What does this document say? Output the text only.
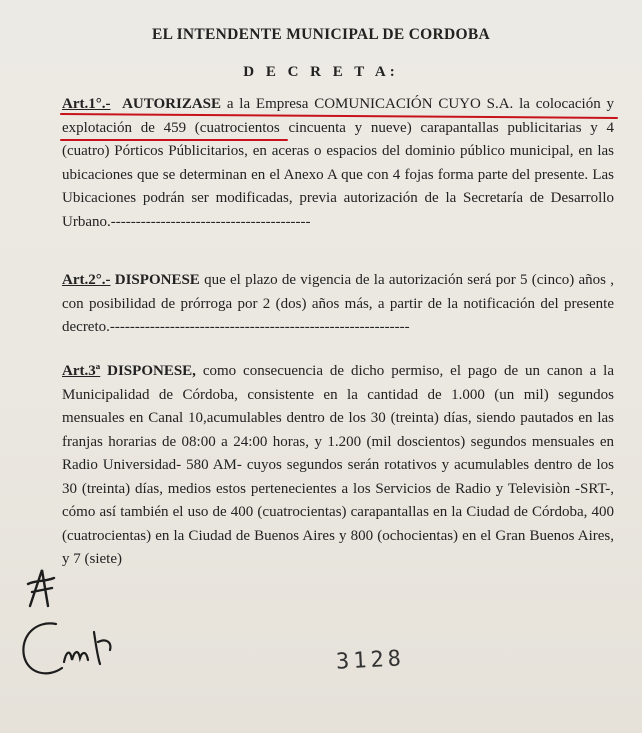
EL INTENDENTE MUNICIPAL DE CORDOBA
D E C R E T A:
Art.1°.- AUTORIZASE a la Empresa COMUNICACIÓN CUYO S.A. la colocación y explotación de 459 (cuatrocientos cincuenta y nueve) carapantallas publicitarias y 4 (cuatro) Pórticos Públicitarios, en aceras o espacios del dominio público municipal, en las ubicaciones que se determinan en el Anexo A que con 4 fojas forma parte del presente. Las Ubicaciones podrán ser modificadas, previa autorización de la Secretaría de Desarrollo Urbano.----------------------------------------
Art.2°.- DISPONESE que el plazo de vigencia de la autorización será por 5 (cinco) años , con posibilidad de prórroga por 2 (dos) años más, a partir de la notificación del presente decreto.------------------------------------------------------------
Art.3ª DISPONESE, como consecuencia de dicho permiso, el pago de un canon a la Municipalidad de Córdoba, consistente en la cantidad de 1.000 (un mil) segundos mensuales en Canal 10,acumulables dentro de los 30 (treinta) días, siendo pautados en las franjas horarias de 08:00 a 24:00 horas, y 1.200 (mil doscientos) segundos mensuales en Radio Universidad- 580 AM- cuyos segundos serán rotativos y acumulables dentro de los 30 (treinta) días, medios estos pertenecientes a los Servicios de Radio y Televisiòn -SRT-, cómo así también el uso de 400 (cuatrocientas) carapantallas en la Ciudad de Córdoba, 400 (cuatrocientas) en la Ciudad de Buenos Aires y 800 (ochocientas) en el Gran Buenos Aires, y 7 (siete)
3128
